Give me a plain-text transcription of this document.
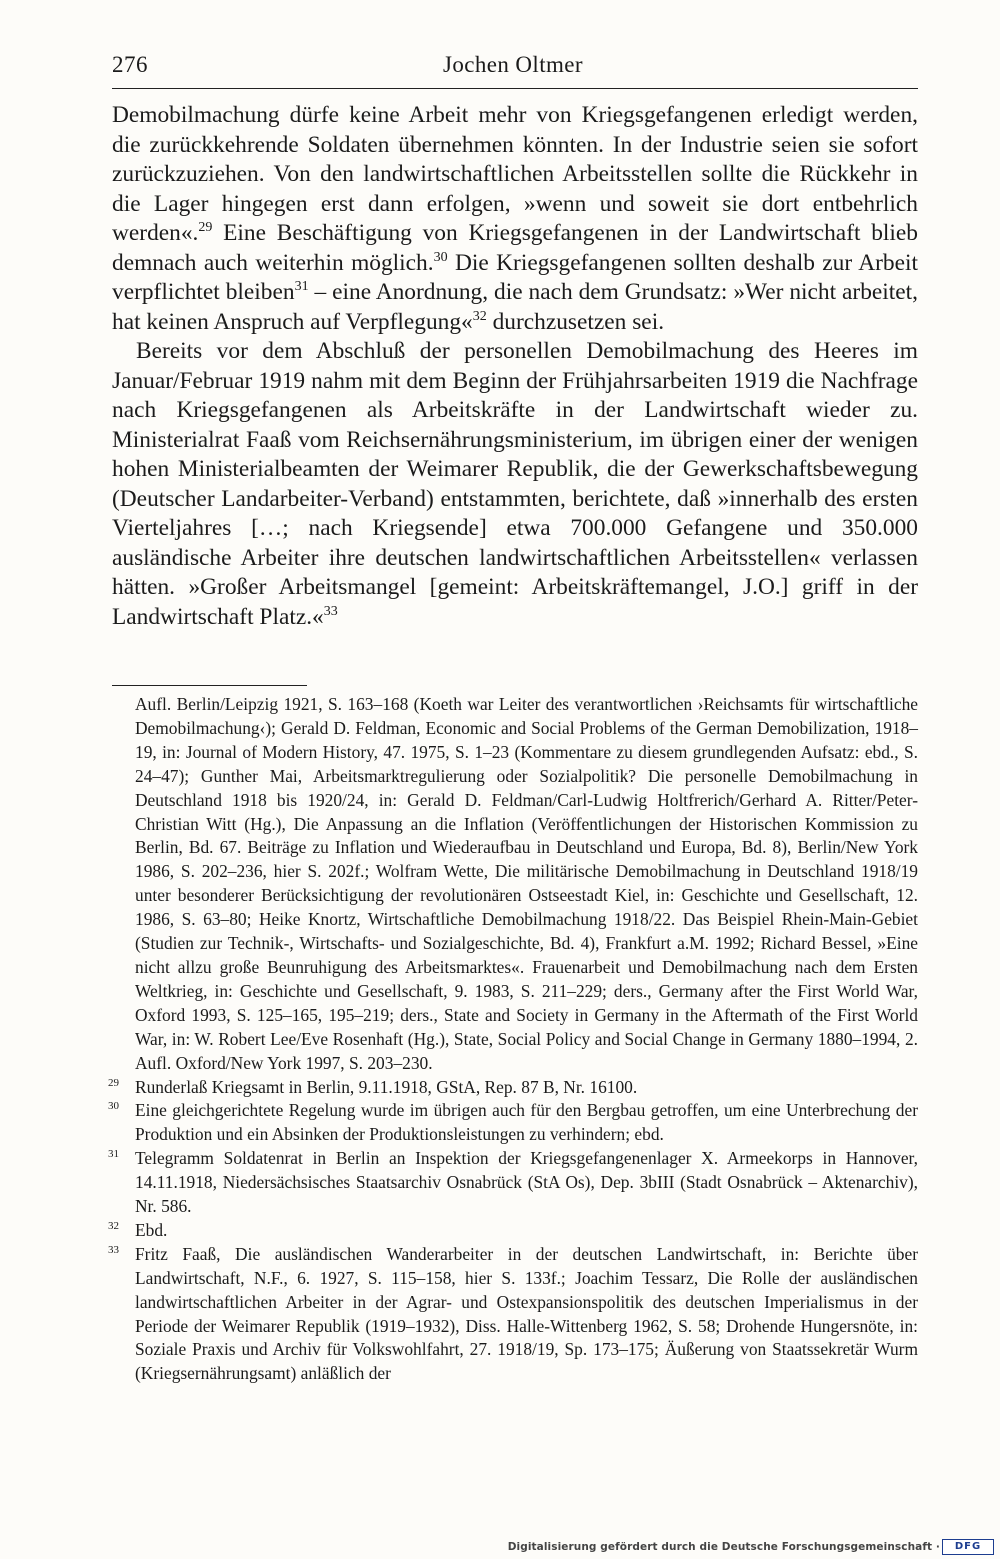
276	Jochen Oltmer

Demobilmachung dürfe keine Arbeit mehr von Kriegsgefangenen erledigt werden, die zurückkehrende Soldaten übernehmen könnten. In der Industrie seien sie sofort zurückzuziehen. Von den landwirtschaftlichen Arbeitsstellen sollte die Rückkehr in die Lager hingegen erst dann erfolgen, »wenn und soweit sie dort entbehrlich werden«.$^{29}$ Eine Beschäftigung von Kriegsgefangenen in der Landwirtschaft blieb demnach auch weiterhin möglich.$^{30}$ Die Kriegsgefangenen sollten deshalb zur Arbeit verpflichtet bleiben$^{31}$ – eine Anordnung, die nach dem Grundsatz: »Wer nicht arbeitet, hat keinen Anspruch auf Verpflegung«$^{32}$ durchzusetzen sei.

Bereits vor dem Abschluß der personellen Demobilmachung des Heeres im Januar/Februar 1919 nahm mit dem Beginn der Frühjahrsarbeiten 1919 die Nachfrage nach Kriegsgefangenen als Arbeitskräfte in der Landwirtschaft wieder zu. Ministerialrat Faaß vom Reichsernährungsministerium, im übrigen einer der wenigen hohen Ministerialbeamten der Weimarer Republik, die der Gewerkschaftsbewegung (Deutscher Landarbeiter-Verband) entstammten, berichtete, daß »innerhalb des ersten Vierteljahres […; nach Kriegsende] etwa 700.000 Gefangene und 350.000 ausländische Arbeiter ihre deutschen landwirtschaftlichen Arbeitsstellen« verlassen hätten. »Großer Arbeitsmangel [gemeint: Arbeitskräftemangel, J.O.] griff in der Landwirtschaft Platz.«$^{33}$

Aufl. Berlin/Leipzig 1921, S. 163–168 (Koeth war Leiter des verantwortlichen ›Reichsamts für wirtschaftliche Demobilmachung‹); Gerald D. Feldman, Economic and Social Problems of the German Demobilization, 1918–19, in: Journal of Modern History, 47. 1975, S. 1–23 (Kommentare zu diesem grundlegenden Aufsatz: ebd., S. 24–47); Gunther Mai, Arbeitsmarktregulierung oder Sozialpolitik? Die personelle Demobilmachung in Deutschland 1918 bis 1920/24, in: Gerald D. Feldman/Carl-Ludwig Holtfrerich/Gerhard A. Ritter/Peter-Christian Witt (Hg.), Die Anpassung an die Inflation (Veröffentlichungen der Historischen Kommission zu Berlin, Bd. 67. Beiträge zu Inflation und Wiederaufbau in Deutschland und Europa, Bd. 8), Berlin/New York 1986, S. 202–236, hier S. 202f.; Wolfram Wette, Die militärische Demobilmachung in Deutschland 1918/19 unter besonderer Berücksichtigung der revolutionären Ostseestadt Kiel, in: Geschichte und Gesellschaft, 12. 1986, S. 63–80; Heike Knortz, Wirtschaftliche Demobilmachung 1918/22. Das Beispiel Rhein-Main-Gebiet (Studien zur Technik-, Wirtschafts- und Sozialgeschichte, Bd. 4), Frankfurt a.M. 1992; Richard Bessel, »Eine nicht allzu große Beunruhigung des Arbeitsmarktes«. Frauenarbeit und Demobilmachung nach dem Ersten Weltkrieg, in: Geschichte und Gesellschaft, 9. 1983, S. 211–229; ders., Germany after the First World War, Oxford 1993, S. 125–165, 195–219; ders., State and Society in Germany in the Aftermath of the First World War, in: W. Robert Lee/Eve Rosenhaft (Hg.), State, Social Policy and Social Change in Germany 1880–1994, 2. Aufl. Oxford/New York 1997, S. 203–230.

29 Runderlaß Kriegsamt in Berlin, 9.11.1918, GStA, Rep. 87 B, Nr. 16100.

30 Eine gleichgerichtete Regelung wurde im übrigen auch für den Bergbau getroffen, um eine Unterbrechung der Produktion und ein Absinken der Produktionsleistungen zu verhindern; ebd.

31 Telegramm Soldatenrat in Berlin an Inspektion der Kriegsgefangenenlager X. Armeekorps in Hannover, 14.11.1918, Niedersächsisches Staatsarchiv Osnabrück (StA Os), Dep. 3bIII (Stadt Osnabrück – Aktenarchiv), Nr. 586.

32 Ebd.

33 Fritz Faaß, Die ausländischen Wanderarbeiter in der deutschen Landwirtschaft, in: Berichte über Landwirtschaft, N.F., 6. 1927, S. 115–158, hier S. 133f.; Joachim Tessarz, Die Rolle der ausländischen landwirtschaftlichen Arbeiter in der Agrar- und Ostexpansionspolitik des deutschen Imperialismus in der Periode der Weimarer Republik (1919–1932), Diss. Halle-Wittenberg 1962, S. 58; Drohende Hungersnöte, in: Soziale Praxis und Archiv für Volkswohlfahrt, 27. 1918/19, Sp. 173–175; Äußerung von Staatssekretär Wurm (Kriegsernährungsamt) anläßlich der

Digitalisierung gefördert durch die Deutsche Forschungsgemeinschaft ·	DFG
